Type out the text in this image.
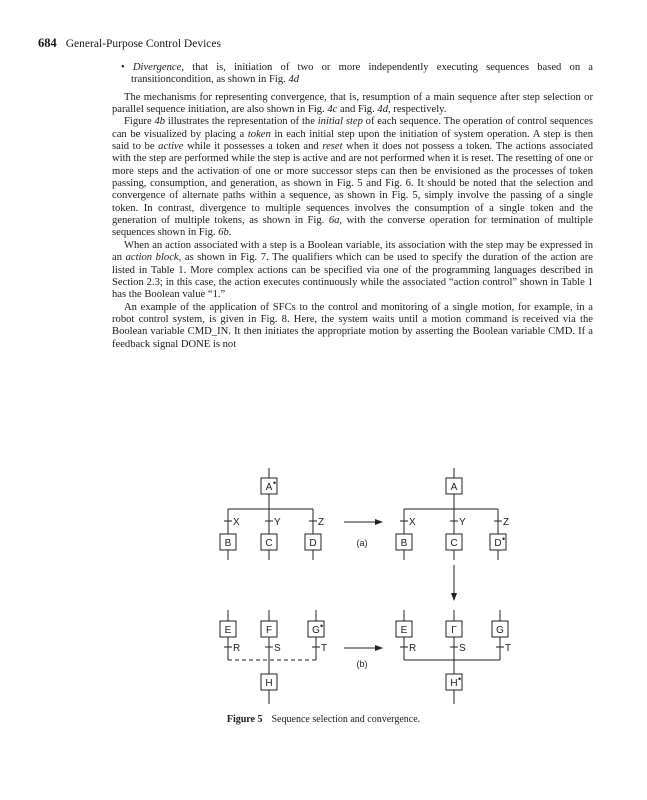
684 General-Purpose Control Devices

• Divergence, that is, initiation of two or more independently executing sequences based on a transitioncondition, as shown in Fig. 4d

The mechanisms for representing convergence, that is, resumption of a main sequence after step selection or parallel sequence initiation, are also shown in Fig. 4c and Fig. 4d, respectively.

Figure 4b illustrates the representation of the initial step of each sequence. The operation of control sequences can be visualized by placing a token in each initial step upon the initiation of system operation. A step is then said to be active while it possesses a token and reset when it does not possess a token. The actions associated with the step are performed while the step is active and are not performed when it is reset. The resetting of one or more steps and the activation of one or more successor steps can then be envisioned as the processes of token passing, consumption, and generation, as shown in Fig. 5 and Fig. 6. It should be noted that the selection and convergence of alternate paths within a sequence, as shown in Fig. 5, simply involve the passing of a single token. In contrast, divergence to multiple sequences involves the consumption of a single token and the generation of multiple tokens, as shown in Fig. 6a, with the converse operation for termination of multiple sequences shown in Fig. 6b.

When an action associated with a step is a Boolean variable, its association with the step may be expressed in an action block, as shown in Fig. 7. The qualifiers which can be used to specify the duration of the action are listed in Table 1. More complex actions can be specified via one of the programming languages described in Section 2.3; in this case, the action executes continuously while the associated “action control” shown in Table 1 has the Boolean value “1.”

An example of the application of SFCs to the control and monitoring of a single motion, for example, in a robot control system, is given in Fig. 8. Here, the system waits until a motion command is received via the Boolean variable CMD_IN. It then initiates the appropriate motion by asserting the Boolean variable CMD. If a feedback signal DONE is not

A
B	C	D
A
B	C	D
E	F	G
H
E	Γ	G
H
•
•
•
•
X	Y	Z	X	Y	Z
R	S	T	R	S	T
(a)
(b)
Figure 5 Sequence selection and convergence.
